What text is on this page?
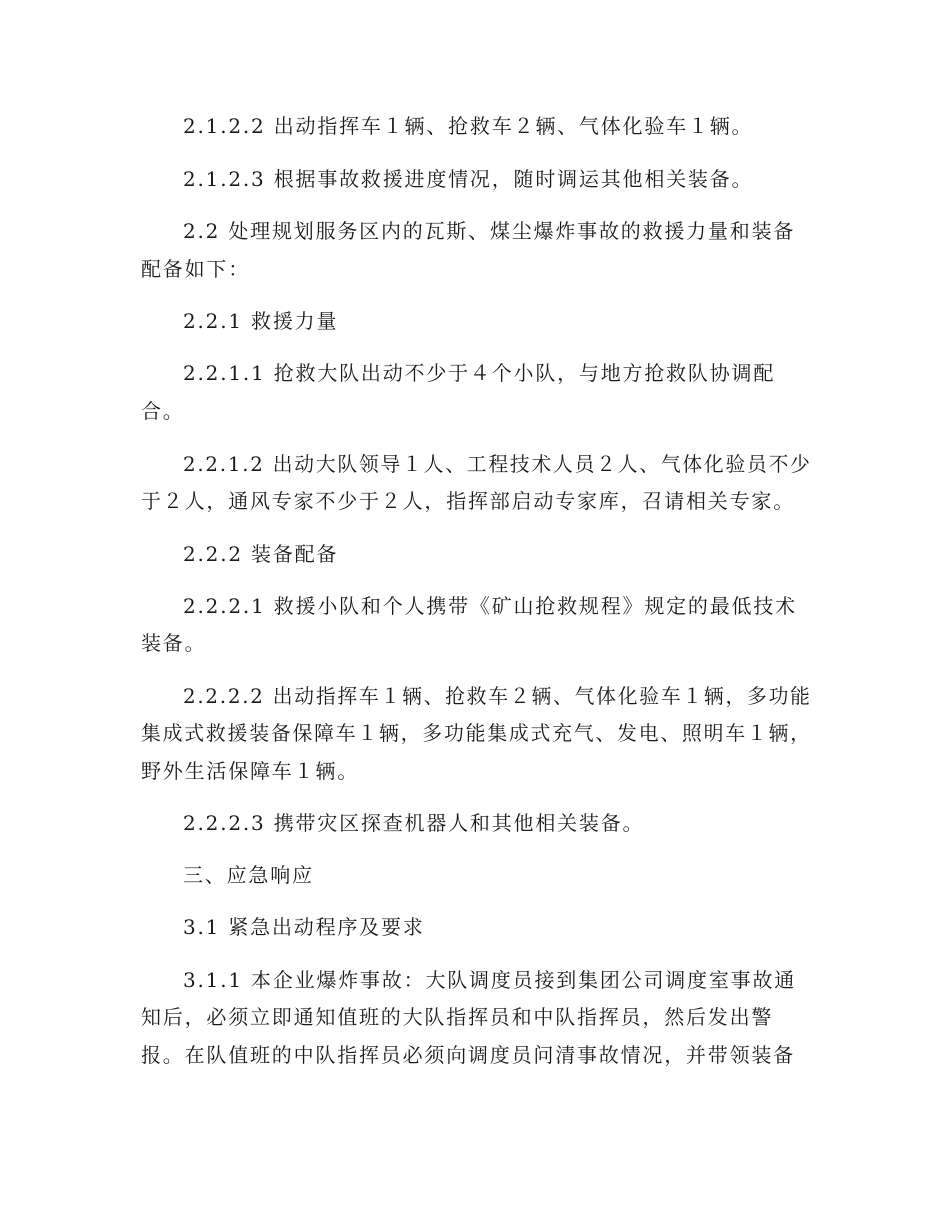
2.1.2.2 出动指挥车１辆、抢救车２辆、气体化验车１辆。
2.1.2.3 根据事故救援进度情况，随时调运其他相关装备。
2.2 处理规划服务区内的瓦斯、煤尘爆炸事故的救援力量和装备
配备如下：
2.2.1 救援力量
2.2.1.1 抢救大队出动不少于４个小队，与地方抢救队协调配
合。
2.2.1.2 出动大队领导１人、工程技术人员２人、气体化验员不少
于２人，通风专家不少于２人，指挥部启动专家库，召请相关专家。
2.2.2 装备配备
2.2.2.1 救援小队和个人携带《矿山抢救规程》规定的最低技术
装备。
2.2.2.2 出动指挥车１辆、抢救车２辆、气体化验车１辆，多功能
集成式救援装备保障车１辆，多功能集成式充气、发电、照明车１辆，
野外生活保障车１辆。
2.2.2.3 携带灾区探查机器人和其他相关装备。
三、应急响应
3.1 紧急出动程序及要求
3.1.1 本企业爆炸事故：大队调度员接到集团公司调度室事故通
知后，必须立即通知值班的大队指挥员和中队指挥员，然后发出警
报。在队值班的中队指挥员必须向调度员问清事故情况，并带领装备
